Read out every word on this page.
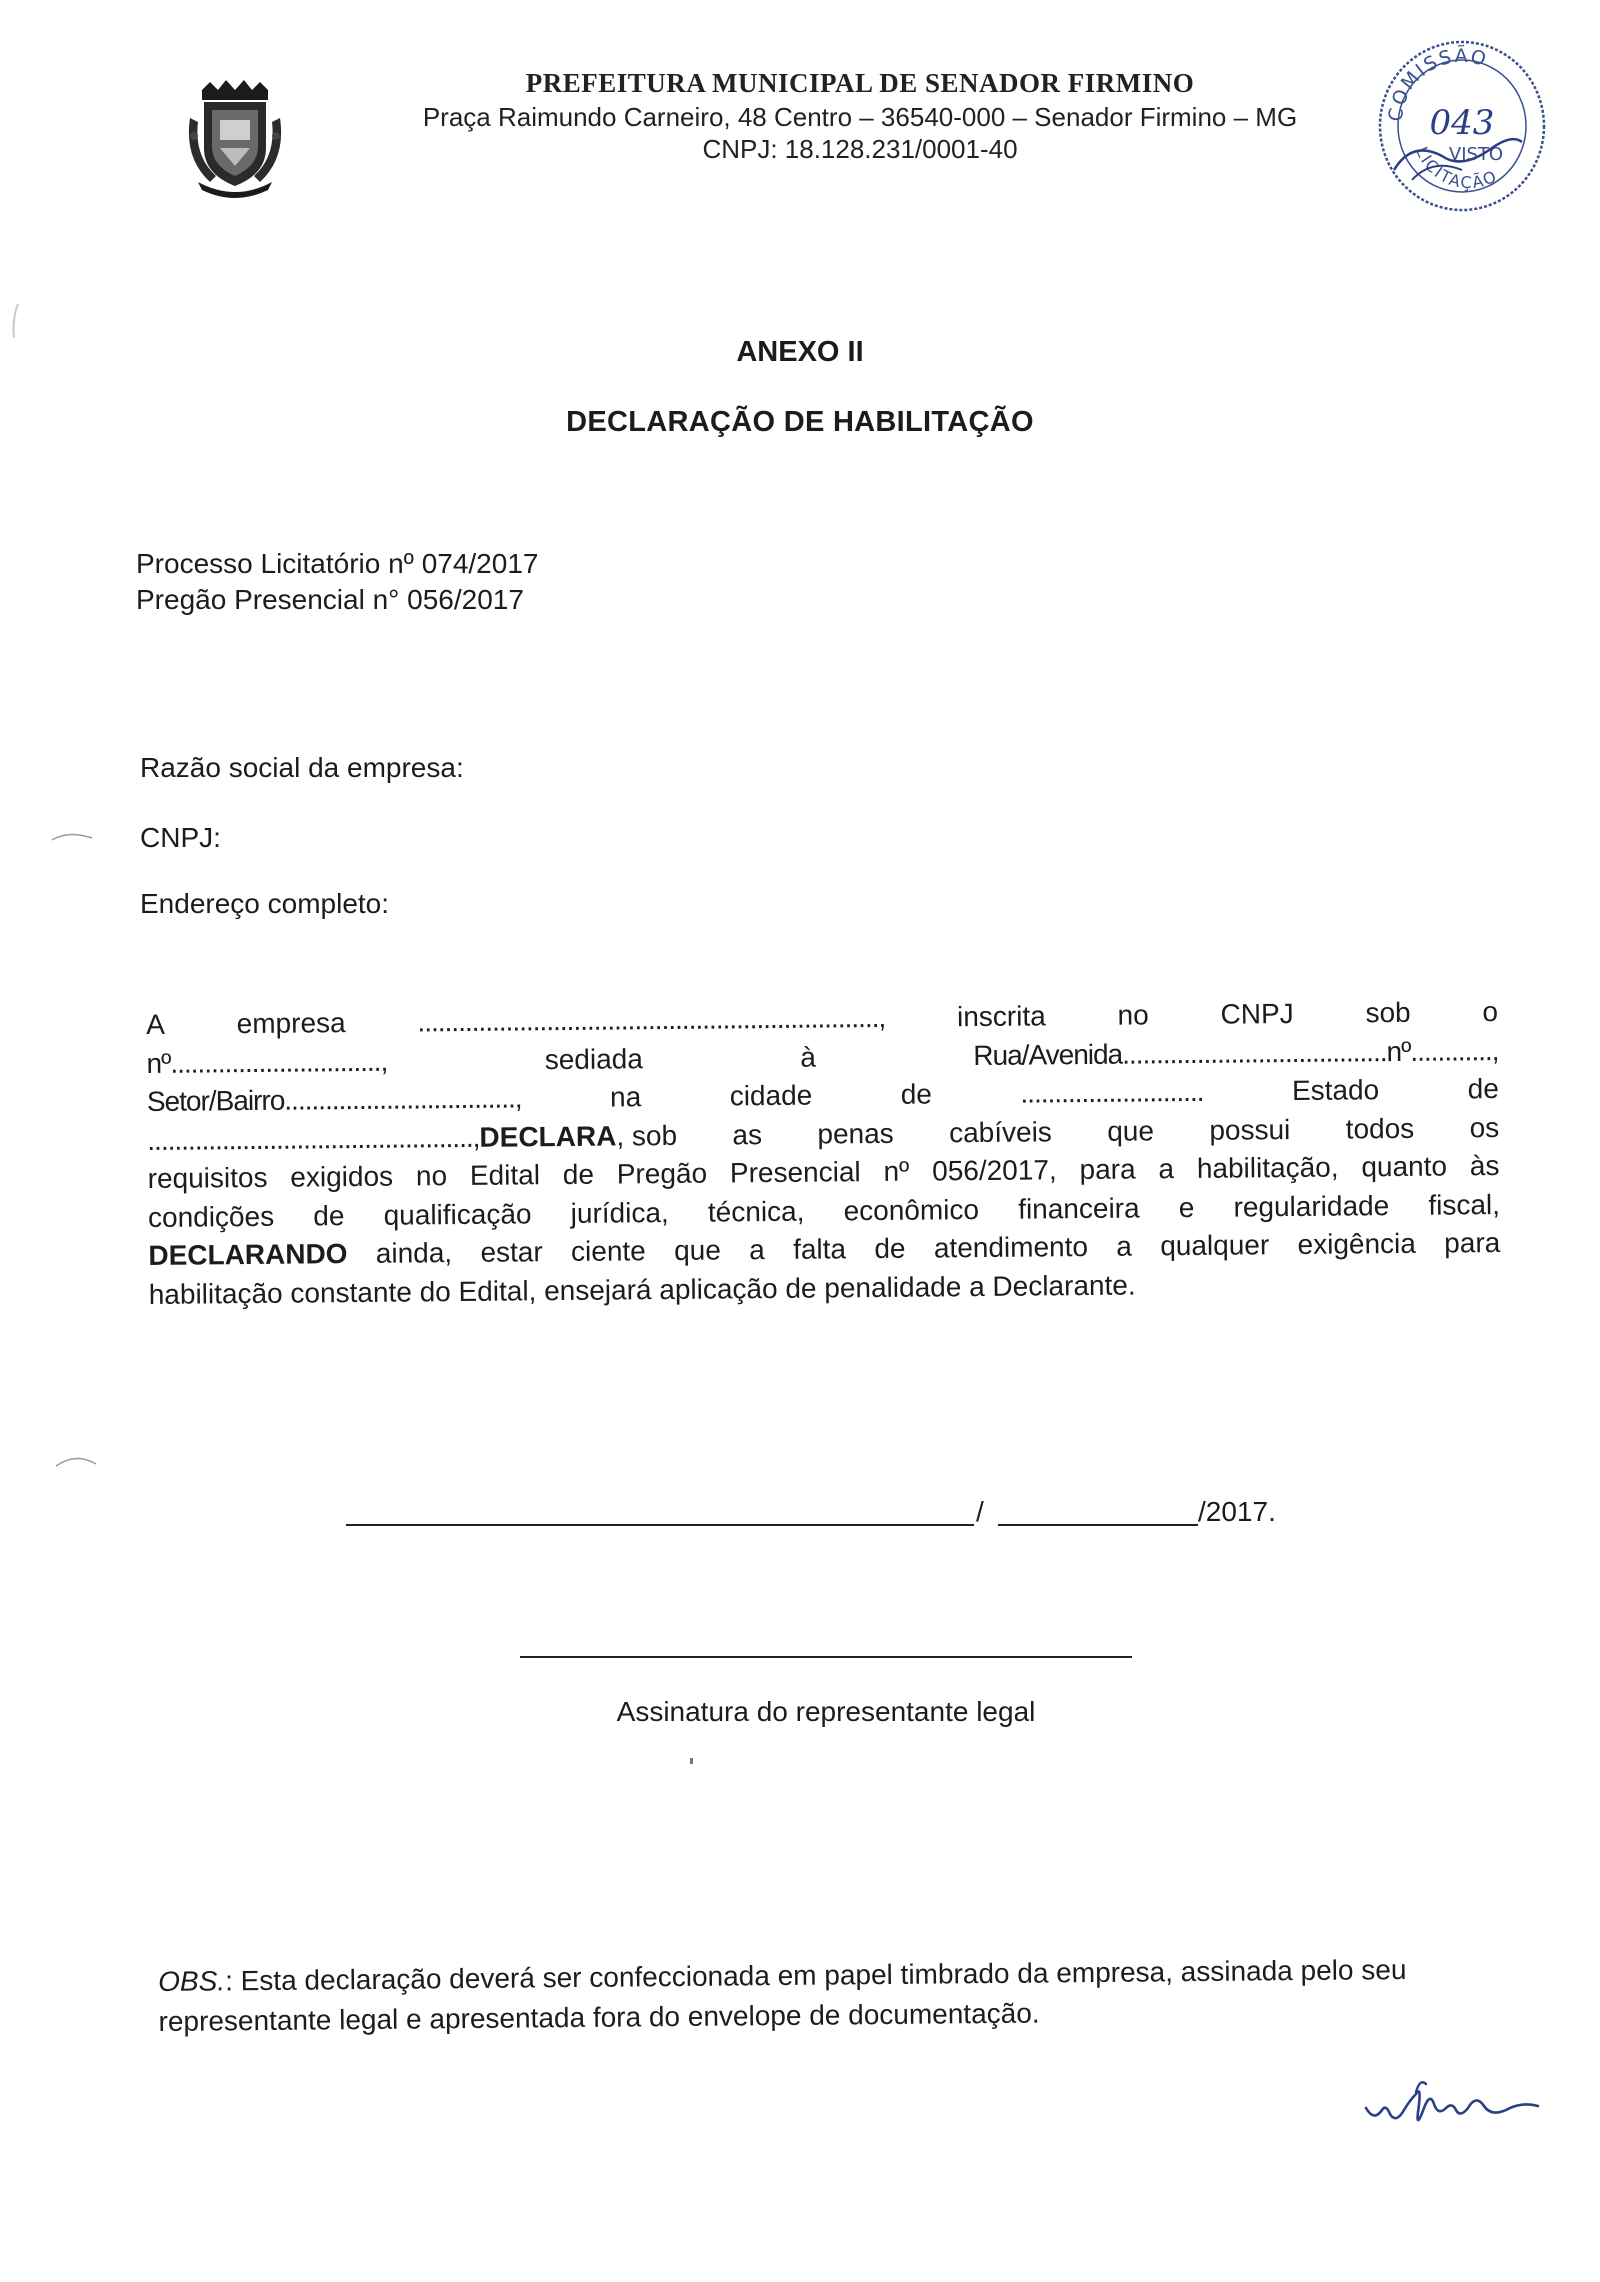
PREFEITURA MUNICIPAL DE SENADOR FIRMINO
Praça Raimundo Carneiro, 48 Centro – 36540-000 – Senador Firmino – MG
CNPJ: 18.128.231/0001-40
COMISSÃO
043
VISTO
LICITAÇÃO
ANEXO II
DECLARAÇÃO DE HABILITAÇÃO
Processo Licitatório nº 074/2017
Pregão Presencial n° 056/2017
Razão social da empresa:
CNPJ:
Endereço completo:
A	empresa	....................................................................,	inscrita	no	CNPJ	sob	o
nº...............................,	sediada	à	Rua/Avenida.......................................nº............,
Setor/Bairro..................................,	na	cidade	de	...........................	Estado	de
................................................,DECLARA, sob as penas cabíveis que possui todos os
requisitos exigidos no Edital de Pregão Presencial nº 056/2017, para a habilitação, quanto às
condições de qualificação jurídica, técnica, econômico financeira e regularidade fiscal,
DECLARANDO ainda, estar ciente que a falta de atendimento a qualquer exigência para
habilitação constante do Edital, ensejará aplicação de penalidade a Declarante.
/	/2017.
Assinatura do representante legal
OBS.: Esta declaração deverá ser confeccionada em papel timbrado da empresa, assinada pelo seu representante legal e apresentada fora do envelope de documentação.
